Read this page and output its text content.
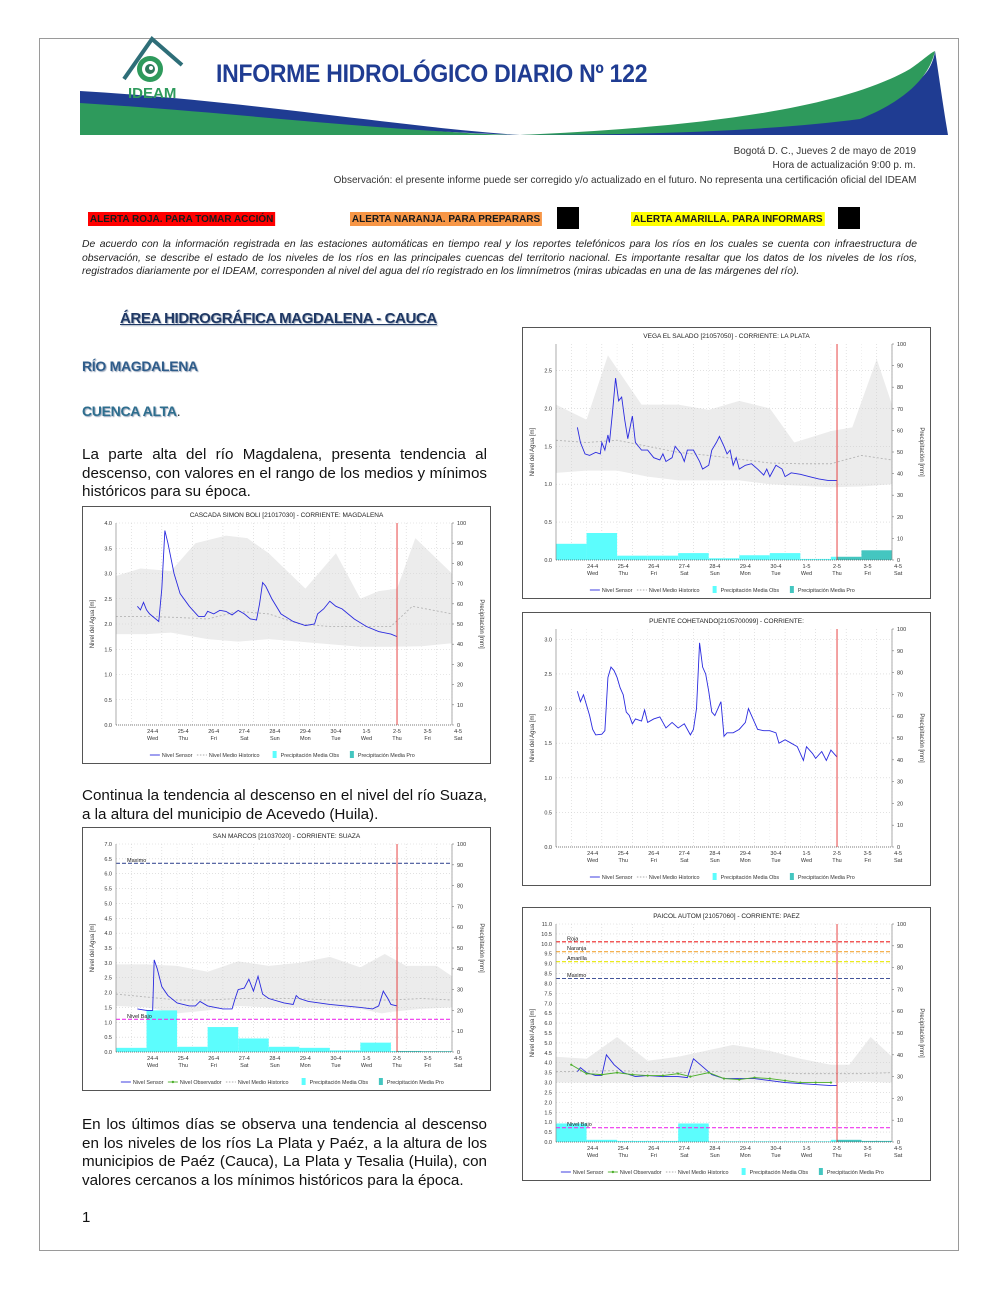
IDEAM
INFORME HIDROLÓGICO DIARIO Nº 122
Bogotá D. C., Jueves 2 de mayo de 2019
Hora de actualización 9:00 p. m.
Observación: el presente informe puede ser corregido y/o actualizado en el futuro. No representa una certificación oficial del IDEAM
ALERTA ROJA. PARA TOMAR ACCIÓN	ALERTA NARANJA. PARA PREPARARS	ALERTA AMARILLA. PARA INFORMARS
De acuerdo con la información registrada en las estaciones automáticas en tiempo real y los reportes telefónicos para los ríos en los cuales se cuenta con infraestructura de observación, se describe el estado de los niveles de los ríos en las principales cuencas del territorio nacional. Es importante resaltar que los datos de los niveles de los ríos, registrados diariamente por el IDEAM, corresponden al nivel del agua del río registrado en los limnímetros (miras ubicadas en una de las márgenes del río).
ÁREA HIDROGRÁFICA MAGDALENA - CAUCA
RÍO MAGDALENA
CUENCA ALTA.
La parte alta del río Magdalena, presenta tendencia al descenso, con valores en el rango de los medios y mínimos históricos para su época.
Continua la tendencia al descenso en el nivel del río Suaza, a la altura del municipio de Acevedo (Huila).
En los últimos días se observa una tendencia al descenso en los niveles de los ríos La Plata y Paéz, a la altura de los municipios de Paéz (Cauca), La Plata y Tesalia (Huila), con valores cercanos a los mínimos históricos para la época.
1
CASCADA SIMON BOLI [21017030] - CORRIENTE: MAGDALENA
0.0
0.5
1.0
1.5
2.0
2.5
3.0
3.5
4.0
0
10
20
30
40
50
60
70
80
90
100
24-4
Wed
25-4
Thu
26-4
Fri
27-4
Sat
28-4
Sun
29-4
Mon
30-4
Tue
1-5
Wed
2-5
Thu
3-5
Fri
4-5
Sat
Nivel del Agua [m]	Precipitación [mm]
Nivel Sensor	Nivel Medio Historico	Precipitación Media Obs	Precipitación Media Pro
SAN MARCOS [21037020] - CORRIENTE: SUAZA
Maximo
Nivel Bajo
0.0
0.5
1.0
1.5
2.0
2.5
3.0
3.5
4.0
4.5
5.0
5.5
6.0
6.5
7.0
0
10
20
30
40
50
60
70
80
90
100
24-4
Wed
25-4
Thu
26-4
Fri
27-4
Sat
28-4
Sun
29-4
Mon
30-4
Tue
1-5
Wed
2-5
Thu
3-5
Fri
4-5
Sat
Nivel del Agua [m]	Precipitación [mm]
Nivel Sensor	Nivel Observador	Nivel Medio Historico	Precipitación Media Obs	Precipitación Media Pro
VEGA EL SALADO [21057050] - CORRIENTE: LA PLATA
0.0
0.5
1.0
1.5
2.0
2.5
0
10
20
30
40
50
60
70
80
90
100
24-4
Wed
25-4
Thu
26-4
Fri
27-4
Sat
28-4
Sun
29-4
Mon
30-4
Tue
1-5
Wed
2-5
Thu
3-5
Fri
4-5
Sat
Nivel del Agua [m]	Precipitación [mm]
Nivel Sensor	Nivel Medio Historico	Precipitación Media Obs	Precipitación Media Pro
PUENTE COHETANDO[2105700099] - CORRIENTE:
0.0
0.5
1.0
1.5
2.0
2.5
3.0
0
10
20
30
40
50
60
70
80
90
100
24-4
Wed
25-4
Thu
26-4
Fri
27-4
Sat
28-4
Sun
29-4
Mon
30-4
Tue
1-5
Wed
2-5
Thu
3-5
Fri
4-5
Sat
Nivel del Agua [m]	Precipitación [mm]
Nivel Sensor	Nivel Medio Historico	Precipitación Media Obs	Precipitación Media Pro
PAICOL AUTOM [21057060] - CORRIENTE: PAEZ
Roja
Naranja
Amarilla
Maximo
Nivel Bajo
0.0
0.5
1.0
1.5
2.0
2.5
3.0
3.5
4.0
4.5
5.0
5.5
6.0
6.5
7.0
7.5
8.0
8.5
9.0
9.5
10.0
10.5
11.0
0
10
20
30
40
50
60
70
80
90
100
24-4
Wed
25-4
Thu
26-4
Fri
27-4
Sat
28-4
Sun
29-4
Mon
30-4
Tue
1-5
Wed
2-5
Thu
3-5
Fri
4-5
Sat
Nivel del Agua [m]	Precipitación [mm]
Nivel Sensor	Nivel Observador	Nivel Medio Historico	Precipitación Media Obs	Precipitación Media Pro
